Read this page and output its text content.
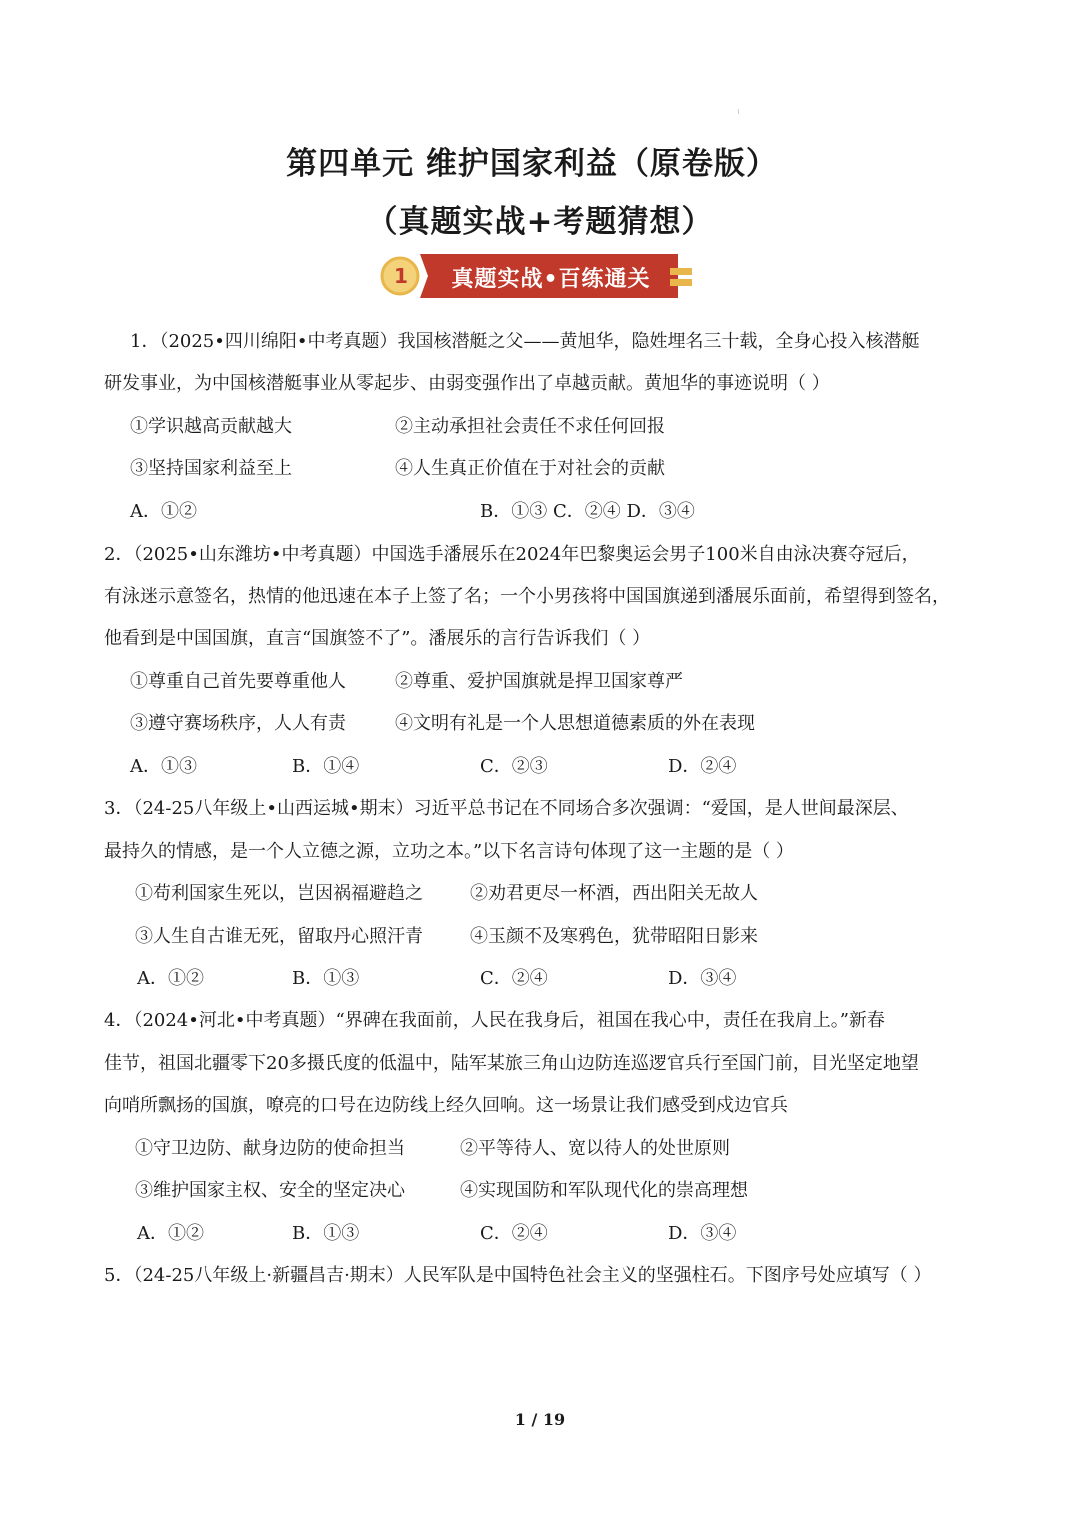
第四单元 维护国家利益（原卷版）
（真题实战+考题猜想）
1	真题实战•百练通关
1．（2025•四川绵阳•中考真题）我国核潜艇之父——黄旭华，隐姓埋名三十载，全身心投入核潜艇
研发事业，为中国核潜艇事业从零起步、由弱变强作出了卓越贡献。黄旭华的事迹说明（ ）
①学识越高贡献越大	②主动承担社会责任不求任何回报
③坚持国家利益至上	④人生真正价值在于对社会的贡献
A．①②	B．①③ C．②④ D．③④
2．（2025•山东潍坊•中考真题）中国选手潘展乐在2024年巴黎奥运会男子100米自由泳决赛夺冠后，
有泳迷示意签名，热情的他迅速在本子上签了名；一个小男孩将中国国旗递到潘展乐面前，希望得到签名，
他看到是中国国旗，直言“国旗签不了”。潘展乐的言行告诉我们（ ）
①尊重自己首先要尊重他人	②尊重、爱护国旗就是捍卫国家尊严
③遵守赛场秩序，人人有责	④文明有礼是一个人思想道德素质的外在表现
A．①③	B．①④	C．②③	D．②④
3．（24-25八年级上•山西运城•期末）习近平总书记在不同场合多次强调：“爱国，是人世间最深层、
最持久的情感，是一个人立德之源，立功之本。”以下名言诗句体现了这一主题的是（ ）
①苟利国家生死以，岂因祸福避趋之	②劝君更尽一杯酒，西出阳关无故人
③人生自古谁无死，留取丹心照汗青	④玉颜不及寒鸦色，犹带昭阳日影来
A．①②	B．①③	C．②④	D．③④
4．（2024•河北•中考真题）“界碑在我面前，人民在我身后，祖国在我心中，责任在我肩上。”新春
佳节，祖国北疆零下20多摄氏度的低温中，陆军某旅三角山边防连巡逻官兵行至国门前，目光坚定地望
向哨所飘扬的国旗，嘹亮的口号在边防线上经久回响。这一场景让我们感受到戍边官兵
①守卫边防、献身边防的使命担当	②平等待人、宽以待人的处世原则
③维护国家主权、安全的坚定决心	④实现国防和军队现代化的崇高理想
A．①②	B．①③	C．②④	D．③④
5．（24-25八年级上·新疆昌吉·期末）人民军队是中国特色社会主义的坚强柱石。下图序号处应填写（ ）
1 / 19
